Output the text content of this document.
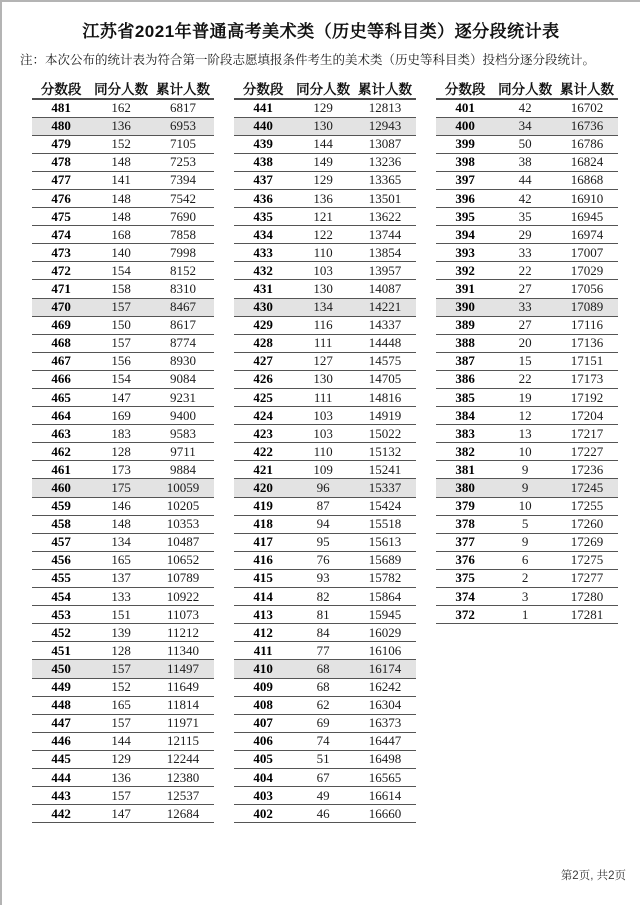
江苏省2021年普通高考美术类（历史等科目类）逐分段统计表
注：本次公布的统计表为符合第一阶段志愿填报条件考生的美术类（历史等科目类）投档分逐分段统计。
分数段	同分人数	累计人数
481	162	6817
480	136	6953
479	152	7105
478	148	7253
477	141	7394
476	148	7542
475	148	7690
474	168	7858
473	140	7998
472	154	8152
471	158	8310
470	157	8467
469	150	8617
468	157	8774
467	156	8930
466	154	9084
465	147	9231
464	169	9400
463	183	9583
462	128	9711
461	173	9884
460	175	10059
459	146	10205
458	148	10353
457	134	10487
456	165	10652
455	137	10789
454	133	10922
453	151	11073
452	139	11212
451	128	11340
450	157	11497
449	152	11649
448	165	11814
447	157	11971
446	144	12115
445	129	12244
444	136	12380
443	157	12537
442	147	12684
分数段	同分人数	累计人数
441	129	12813
440	130	12943
439	144	13087
438	149	13236
437	129	13365
436	136	13501
435	121	13622
434	122	13744
433	110	13854
432	103	13957
431	130	14087
430	134	14221
429	116	14337
428	111	14448
427	127	14575
426	130	14705
425	111	14816
424	103	14919
423	103	15022
422	110	15132
421	109	15241
420	96	15337
419	87	15424
418	94	15518
417	95	15613
416	76	15689
415	93	15782
414	82	15864
413	81	15945
412	84	16029
411	77	16106
410	68	16174
409	68	16242
408	62	16304
407	69	16373
406	74	16447
405	51	16498
404	67	16565
403	49	16614
402	46	16660
分数段	同分人数	累计人数
401	42	16702
400	34	16736
399	50	16786
398	38	16824
397	44	16868
396	42	16910
395	35	16945
394	29	16974
393	33	17007
392	22	17029
391	27	17056
390	33	17089
389	27	17116
388	20	17136
387	15	17151
386	22	17173
385	19	17192
384	12	17204
383	13	17217
382	10	17227
381	9	17236
380	9	17245
379	10	17255
378	5	17260
377	9	17269
376	6	17275
375	2	17277
374	3	17280
372	1	17281
第2页, 共2页
